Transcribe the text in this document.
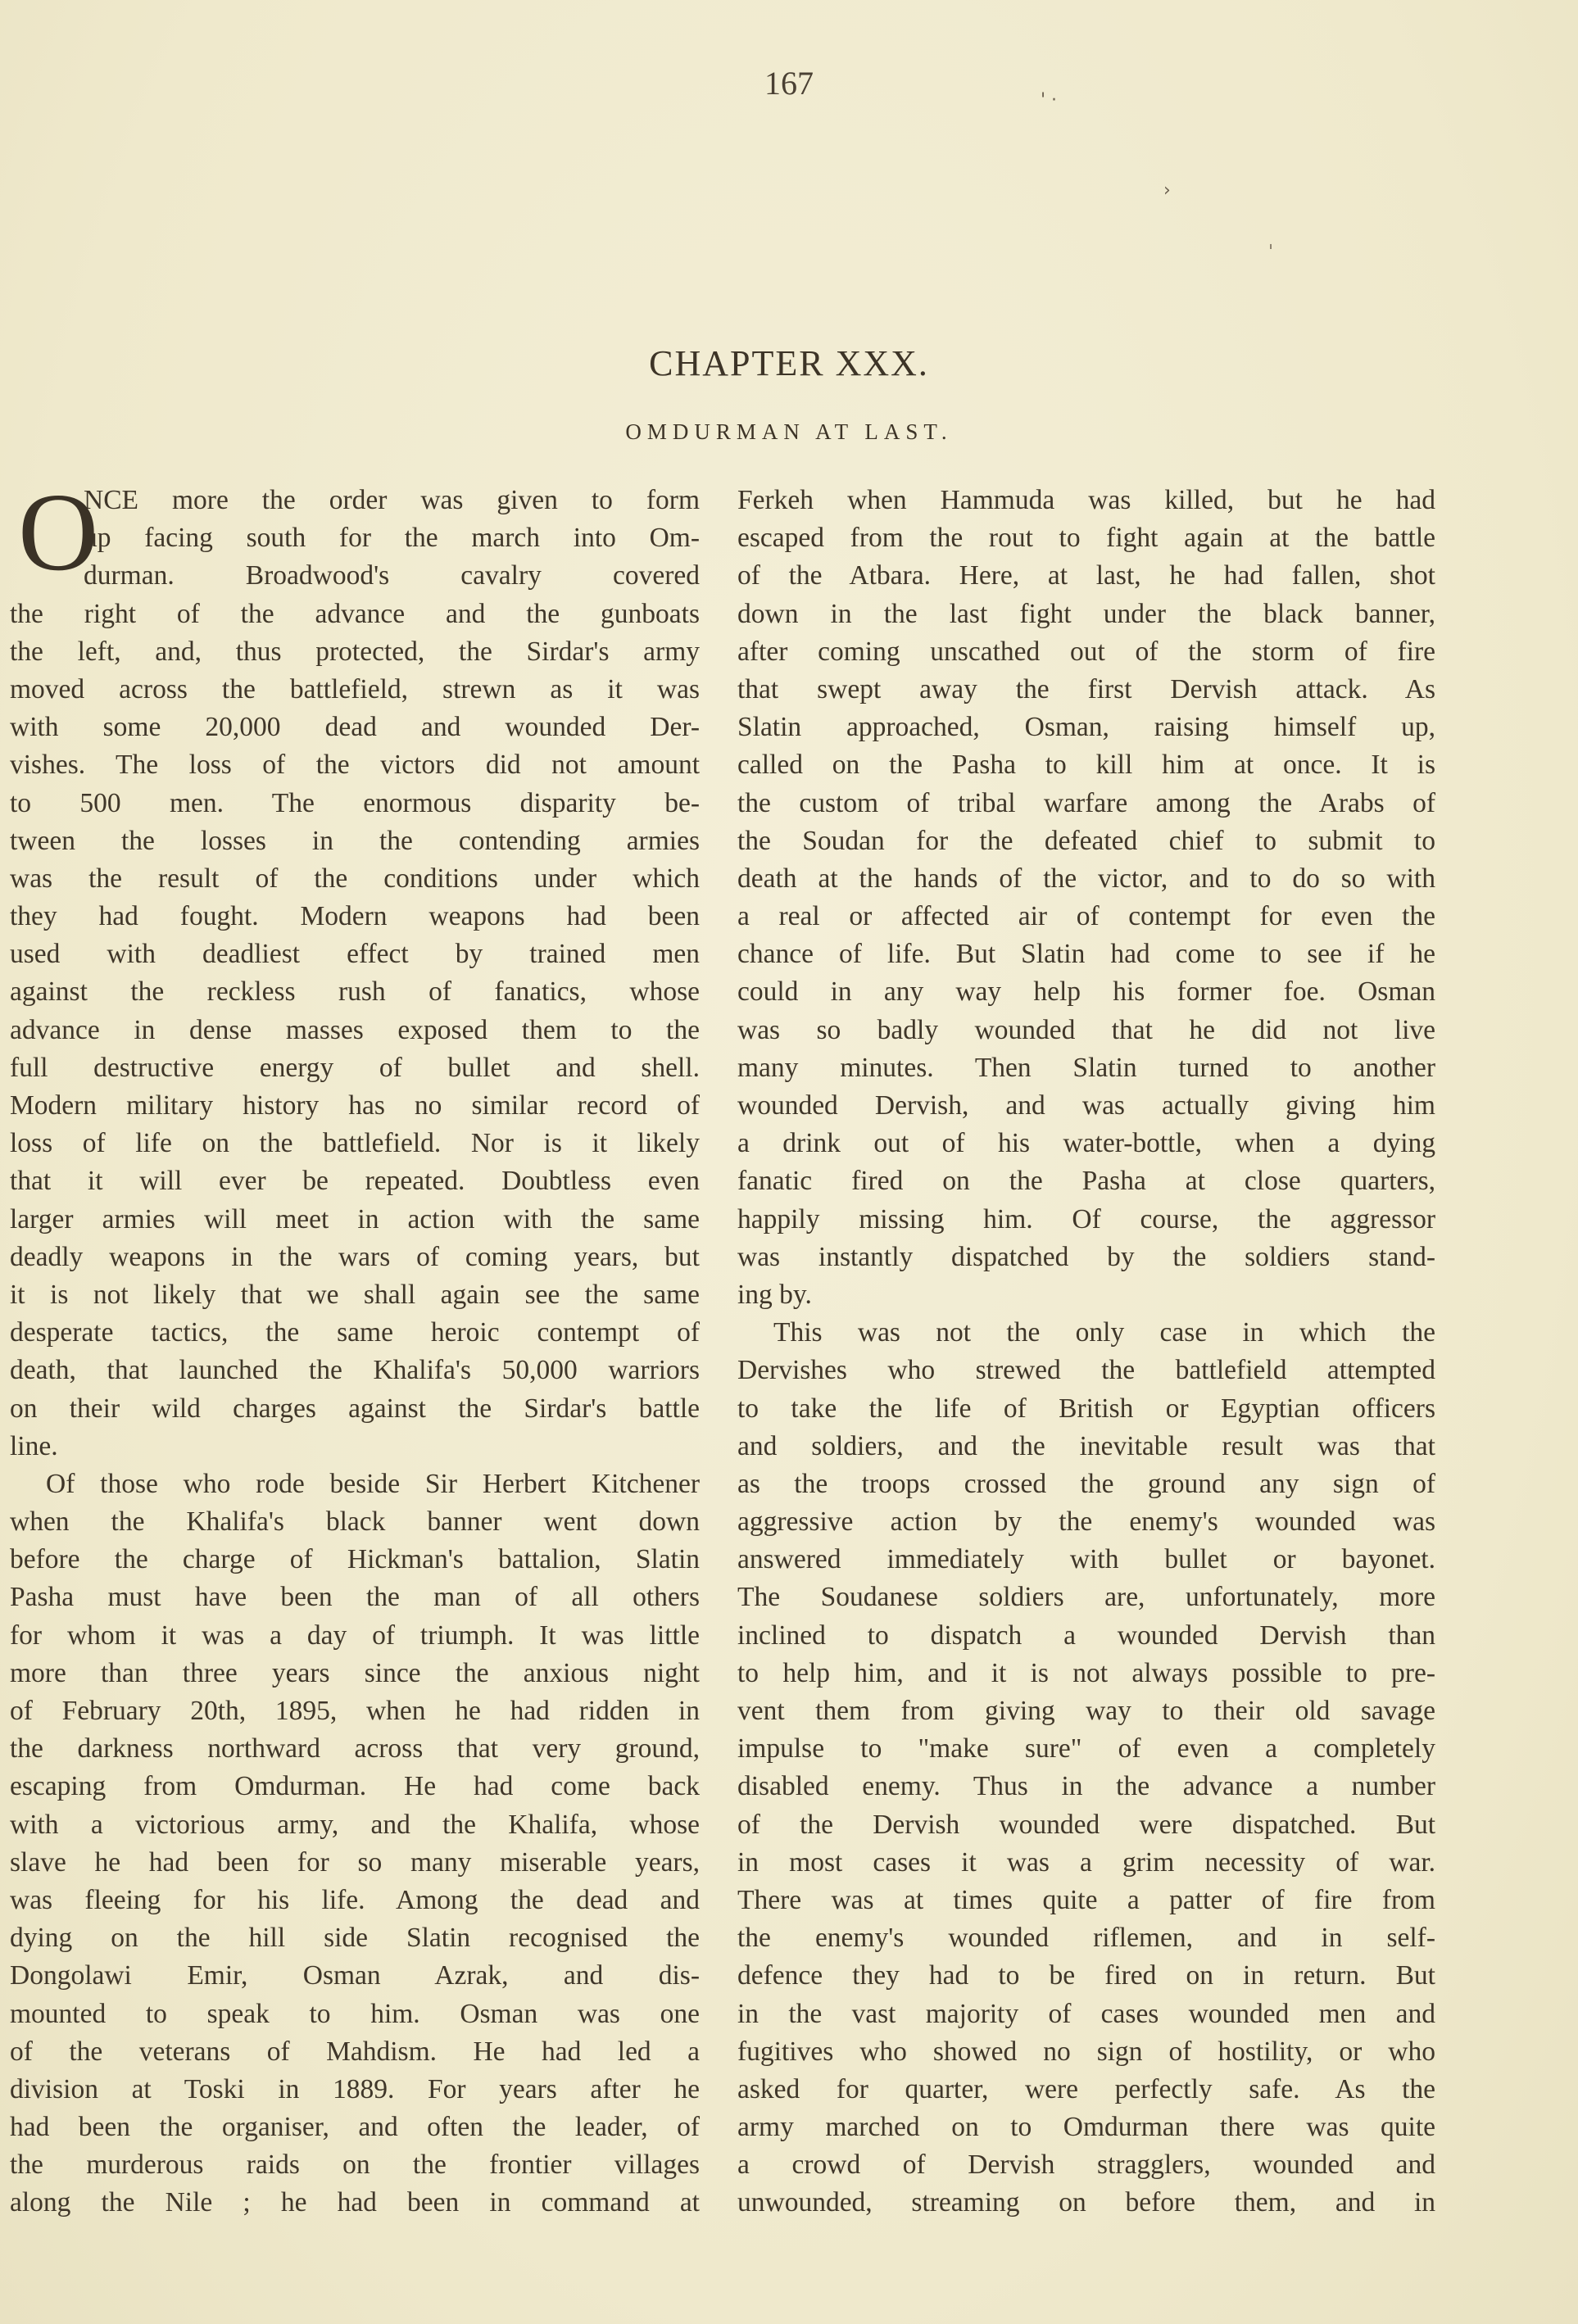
167	' ·
›
ˈ
CHAPTER XXX.
OMDURMAN AT LAST.
O
NCE more the order was given to form
up facing south for the march into Om-
durman. Broadwood's cavalry covered
the right of the advance and the gunboats
the left, and, thus protected, the Sirdar's army
moved across the battlefield, strewn as it was
with some 20,000 dead and wounded Der-
vishes. The loss of the victors did not amount
to 500 men. The enormous disparity be-
tween the losses in the contending armies
was the result of the conditions under which
they had fought. Modern weapons had been
used with deadliest effect by trained men
against the reckless rush of fanatics, whose
advance in dense masses exposed them to the
full destructive energy of bullet and shell.
Modern military history has no similar record of
loss of life on the battlefield. Nor is it likely
that it will ever be repeated. Doubtless even
larger armies will meet in action with the same
deadly weapons in the wars of coming years, but
it is not likely that we shall again see the same
desperate tactics, the same heroic contempt of
death, that launched the Khalifa's 50,000 warriors
on their wild charges against the Sirdar's battle
line.
Of those who rode beside Sir Herbert Kitchener
when the Khalifa's black banner went down
before the charge of Hickman's battalion, Slatin
Pasha must have been the man of all others
for whom it was a day of triumph. It was little
more than three years since the anxious night
of February 20th, 1895, when he had ridden in
the darkness northward across that very ground,
escaping from Omdurman. He had come back
with a victorious army, and the Khalifa, whose
slave he had been for so many miserable years,
was fleeing for his life. Among the dead and
dying on the hill side Slatin recognised the
Dongolawi Emir, Osman Azrak, and dis-
mounted to speak to him. Osman was one
of the veterans of Mahdism. He had led a
division at Toski in 1889. For years after he
had been the organiser, and often the leader, of
the murderous raids on the frontier villages
along the Nile ; he had been in command at
Ferkeh when Hammuda was killed, but he had
escaped from the rout to fight again at the battle
of the Atbara. Here, at last, he had fallen, shot
down in the last fight under the black banner,
after coming unscathed out of the storm of fire
that swept away the first Dervish attack. As
Slatin approached, Osman, raising himself up,
called on the Pasha to kill him at once. It is
the custom of tribal warfare among the Arabs of
the Soudan for the defeated chief to submit to
death at the hands of the victor, and to do so with
a real or affected air of contempt for even the
chance of life. But Slatin had come to see if he
could in any way help his former foe. Osman
was so badly wounded that he did not live
many minutes. Then Slatin turned to another
wounded Dervish, and was actually giving him
a drink out of his water-bottle, when a dying
fanatic fired on the Pasha at close quarters,
happily missing him. Of course, the aggressor
was instantly dispatched by the soldiers stand-
ing by.
This was not the only case in which the
Dervishes who strewed the battlefield attempted
to take the life of British or Egyptian officers
and soldiers, and the inevitable result was that
as the troops crossed the ground any sign of
aggressive action by the enemy's wounded was
answered immediately with bullet or bayonet.
The Soudanese soldiers are, unfortunately, more
inclined to dispatch a wounded Dervish than
to help him, and it is not always possible to pre-
vent them from giving way to their old savage
impulse to "make sure" of even a completely
disabled enemy. Thus in the advance a number
of the Dervish wounded were dispatched. But
in most cases it was a grim necessity of war.
There was at times quite a patter of fire from
the enemy's wounded riflemen, and in self-
defence they had to be fired on in return. But
in the vast majority of cases wounded men and
fugitives who showed no sign of hostility, or who
asked for quarter, were perfectly safe. As the
army marched on to Omdurman there was quite
a crowd of Dervish stragglers, wounded and
unwounded, streaming on before them, and in
